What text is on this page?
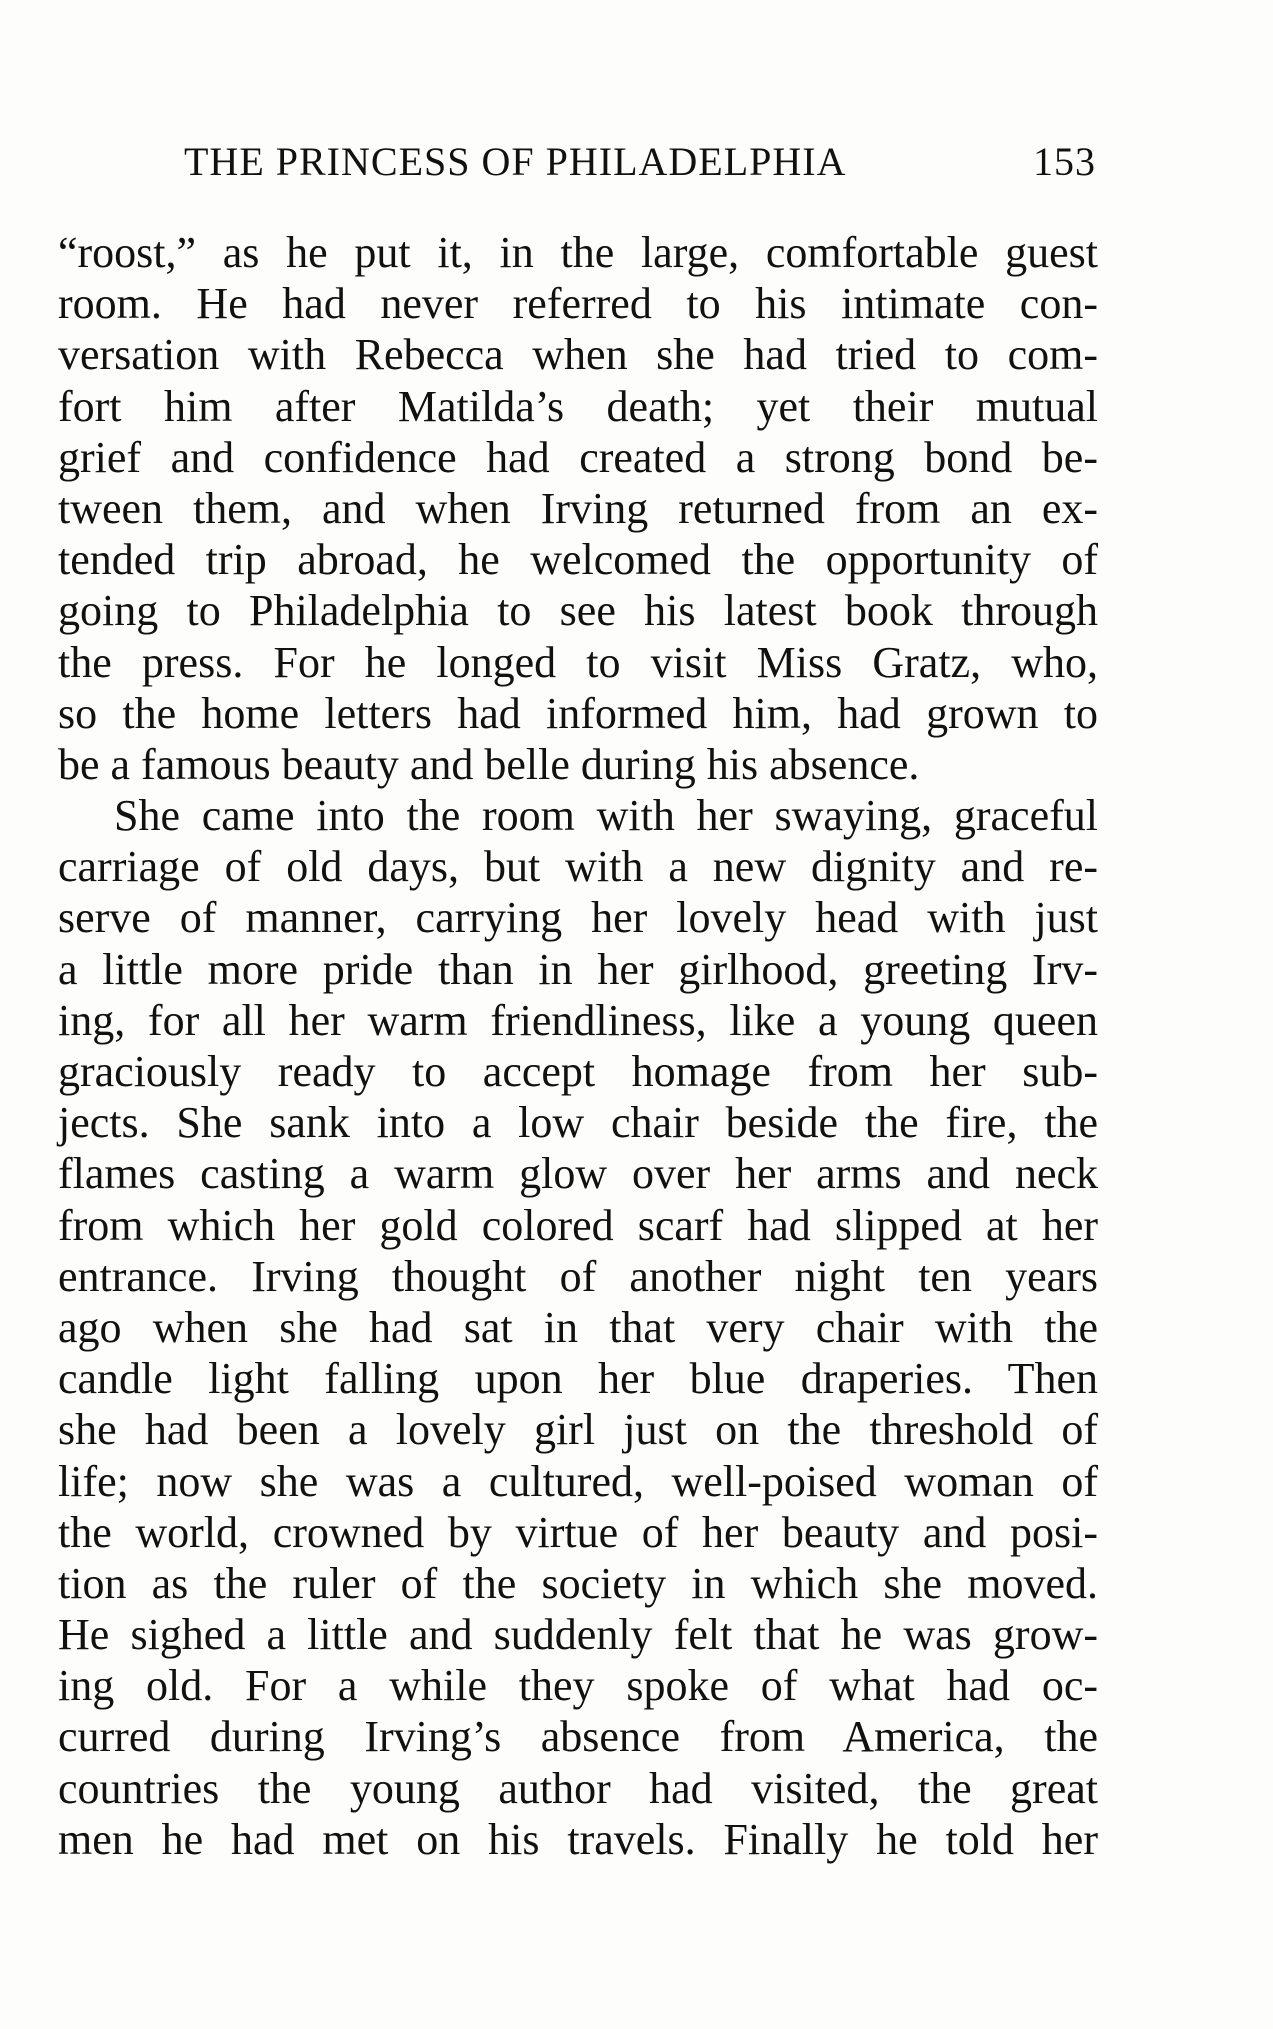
THE PRINCESS OF PHILADELPHIA	153
“roost,” as he put it, in the large, comfortable guest
room. He had never referred to his intimate con-
versation with Rebecca when she had tried to com-
fort him after Matilda’s death; yet their mutual
grief and confidence had created a strong bond be-
tween them, and when Irving returned from an ex-
tended trip abroad, he welcomed the opportunity of
going to Philadelphia to see his latest book through
the press. For he longed to visit Miss Gratz, who,
so the home letters had informed him, had grown to
be a famous beauty and belle during his absence.
She came into the room with her swaying, graceful
carriage of old days, but with a new dignity and re-
serve of manner, carrying her lovely head with just
a little more pride than in her girlhood, greeting Irv-
ing, for all her warm friendliness, like a young queen
graciously ready to accept homage from her sub-
jects. She sank into a low chair beside the fire, the
flames casting a warm glow over her arms and neck
from which her gold colored scarf had slipped at her
entrance. Irving thought of another night ten years
ago when she had sat in that very chair with the
candle light falling upon her blue draperies. Then
she had been a lovely girl just on the threshold of
life; now she was a cultured, well-poised woman of
the world, crowned by virtue of her beauty and posi-
tion as the ruler of the society in which she moved.
He sighed a little and suddenly felt that he was grow-
ing old. For a while they spoke of what had oc-
curred during Irving’s absence from America, the
countries the young author had visited, the great
men he had met on his travels. Finally he told her
